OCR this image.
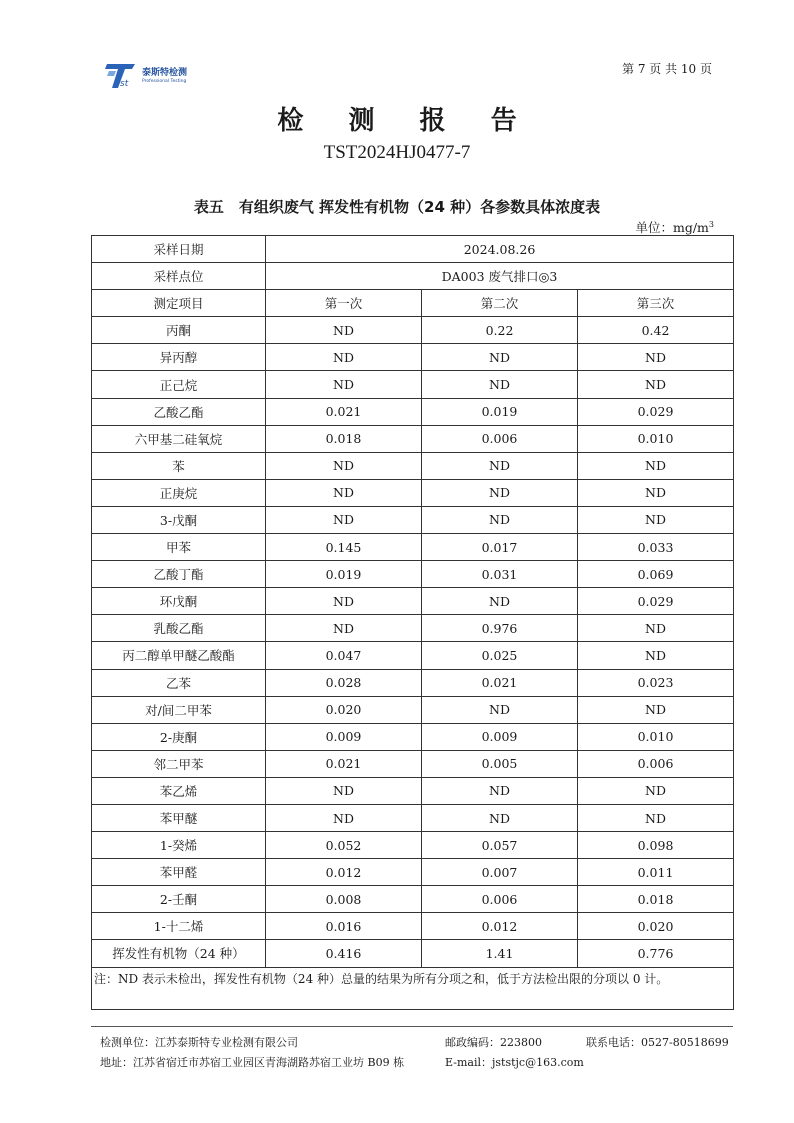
st
泰斯特检测
Professional Testing
第 7 页 共 10 页
检 测 报 告
TST2024HJ0477-7
表五　有组织废气 挥发性有机物（24 种）各参数具体浓度表
单位：$mg/m^3$
采样日期	2024.08.26		
采样点位	DA003 废气排口◎3		
测定项目	第一次	第二次	第三次
丙酮	ND	0.22	0.42
异丙醇	ND	ND	ND
正己烷	ND	ND	ND
乙酸乙酯	0.021	0.019	0.029
六甲基二硅氧烷	0.018	0.006	0.010
苯	ND	ND	ND
正庚烷	ND	ND	ND
3-戊酮	ND	ND	ND
甲苯	0.145	0.017	0.033
乙酸丁酯	0.019	0.031	0.069
环戊酮	ND	ND	0.029
乳酸乙酯	ND	0.976	ND
丙二醇单甲醚乙酸酯	0.047	0.025	ND
乙苯	0.028	0.021	0.023
对/间二甲苯	0.020	ND	ND
2-庚酮	0.009	0.009	0.010
邻二甲苯	0.021	0.005	0.006
苯乙烯	ND	ND	ND
苯甲醚	ND	ND	ND
1-癸烯	0.052	0.057	0.098
苯甲醛	0.012	0.007	0.011
2-壬酮	0.008	0.006	0.018
1-十二烯	0.016	0.012	0.020
挥发性有机物（24 种）	0.416	1.41	0.776
注：ND 表示未检出，挥发性有机物（24 种）总量的结果为所有分项之和，低于方法检出限的分项以 0 计。			
检测单位：江苏泰斯特专业检测有限公司	邮政编码：223800	联系电话：0527-80518699
地址：江苏省宿迁市苏宿工业园区青海湖路苏宿工业坊 B09 栋	E-mail：jststjc@163.com
